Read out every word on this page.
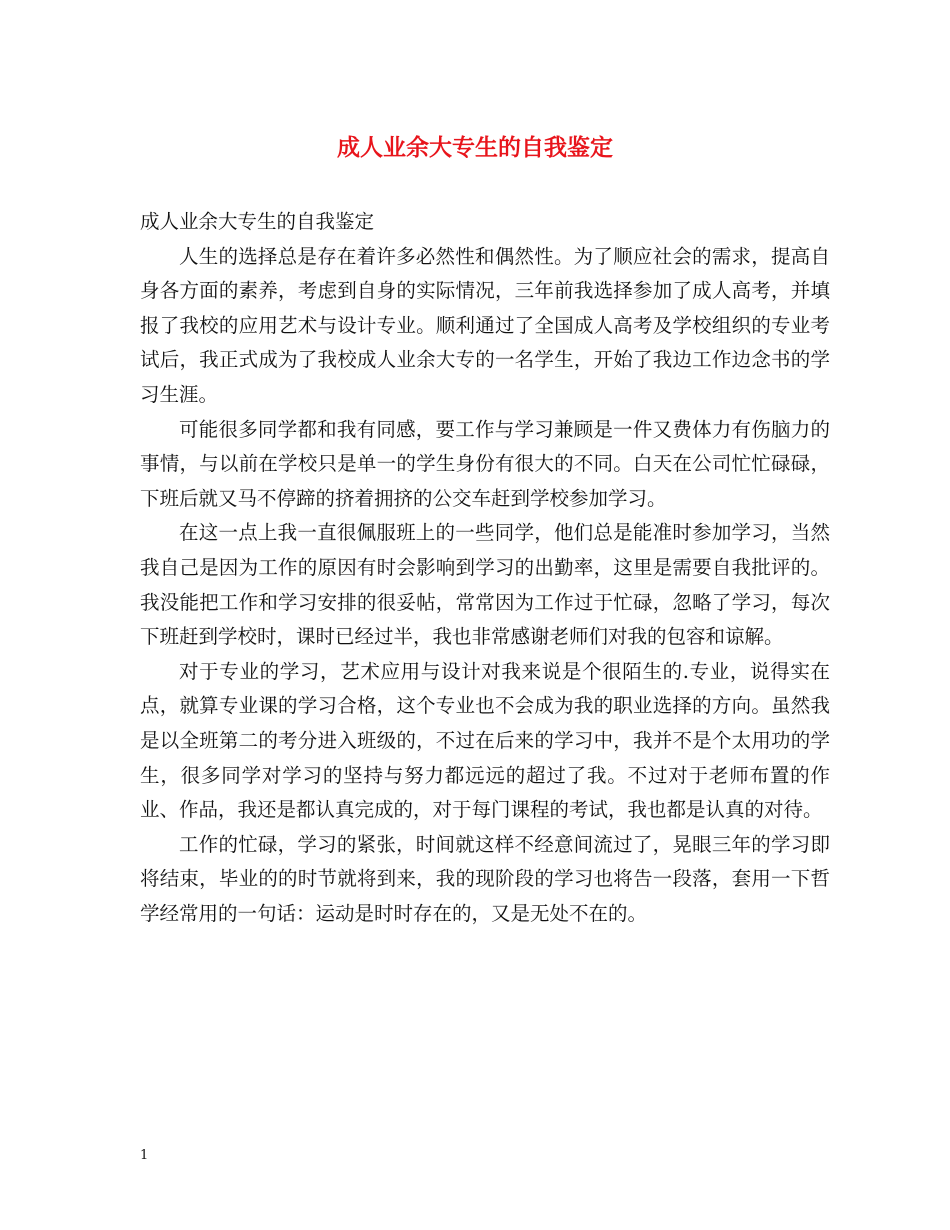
成人业余大专生的自我鉴定

成人业余大专生的自我鉴定

人生的选择总是存在着许多必然性和偶然性。为了顺应社会的需求，提高自身各方面的素养，考虑到自身的实际情况，三年前我选择参加了成人高考，并填报了我校的应用艺术与设计专业。顺利通过了全国成人高考及学校组织的专业考试后，我正式成为了我校成人业余大专的一名学生，开始了我边工作边念书的学习生涯。

可能很多同学都和我有同感，要工作与学习兼顾是一件又费体力有伤脑力的事情，与以前在学校只是单一的学生身份有很大的不同。白天在公司忙忙碌碌，下班后就又马不停蹄的挤着拥挤的公交车赶到学校参加学习。

在这一点上我一直很佩服班上的一些同学，他们总是能准时参加学习，当然我自己是因为工作的原因有时会影响到学习的出勤率，这里是需要自我批评的。我没能把工作和学习安排的很妥帖，常常因为工作过于忙碌，忽略了学习，每次下班赶到学校时，课时已经过半，我也非常感谢老师们对我的包容和谅解。

对于专业的学习，艺术应用与设计对我来说是个很陌生的.专业，说得实在点，就算专业课的学习合格，这个专业也不会成为我的职业选择的方向。虽然我是以全班第二的考分进入班级的，不过在后来的学习中，我并不是个太用功的学生，很多同学对学习的坚持与努力都远远的超过了我。不过对于老师布置的作业、作品，我还是都认真完成的，对于每门课程的考试，我也都是认真的对待。

工作的忙碌，学习的紧张，时间就这样不经意间流过了，晃眼三年的学习即将结束，毕业的的时节就将到来，我的现阶段的学习也将告一段落，套用一下哲学经常用的一句话：运动是时时存在的，又是无处不在的。

1
